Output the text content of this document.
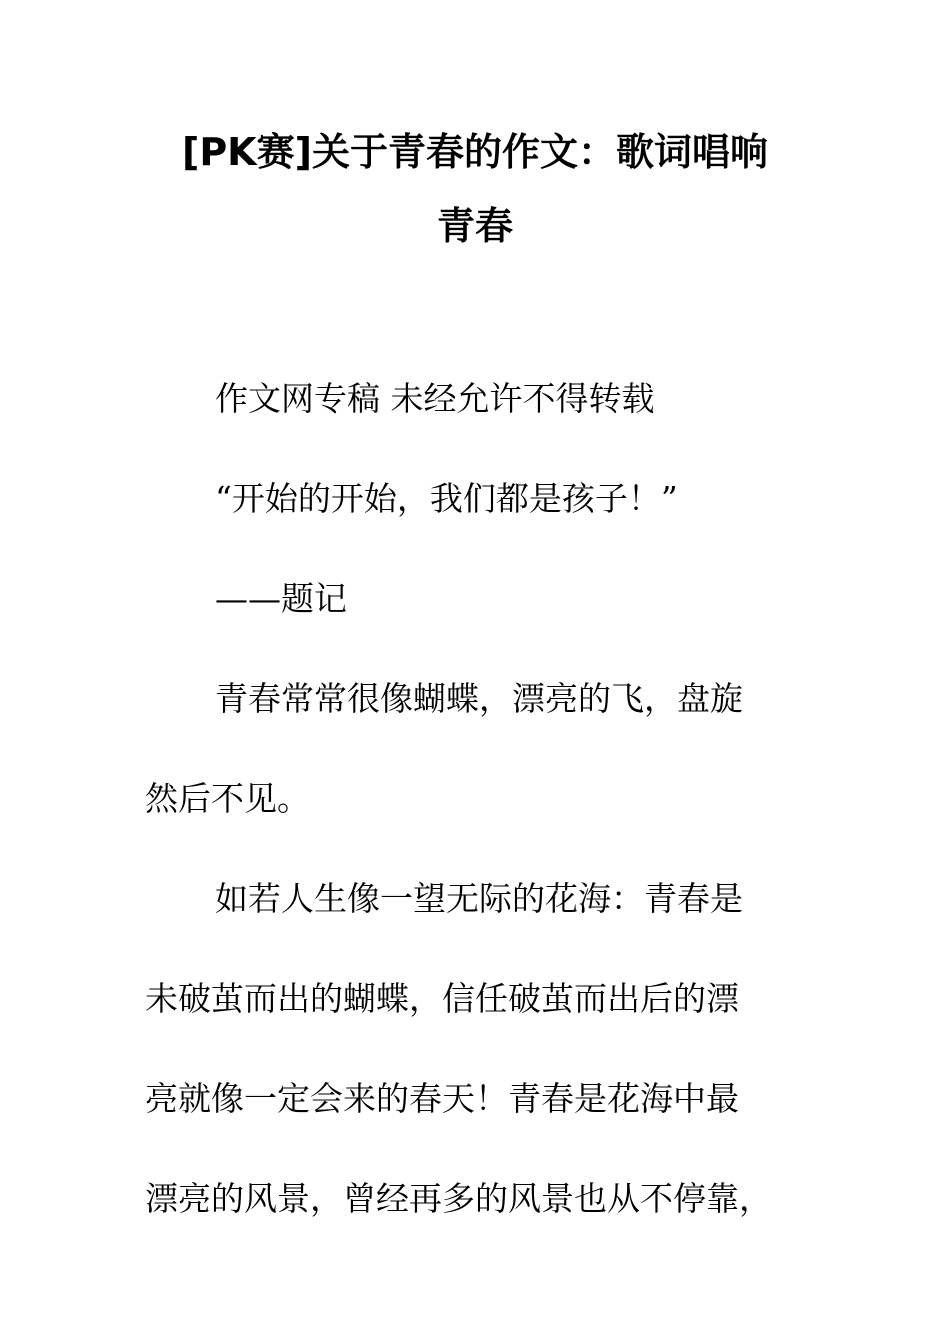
[PK赛]关于青春的作文：歌词唱响
青春
作文网专稿 未经允许不得转载
“开始的开始，我们都是孩子！”
——题记
青春常常很像蝴蝶，漂亮的飞，盘旋
然后不见。
如若人生像一望无际的花海：青春是
未破茧而出的蝴蝶，信任破茧而出后的漂
亮就像一定会来的春天！青春是花海中最
漂亮的风景，曾经再多的风景也从不停靠，
